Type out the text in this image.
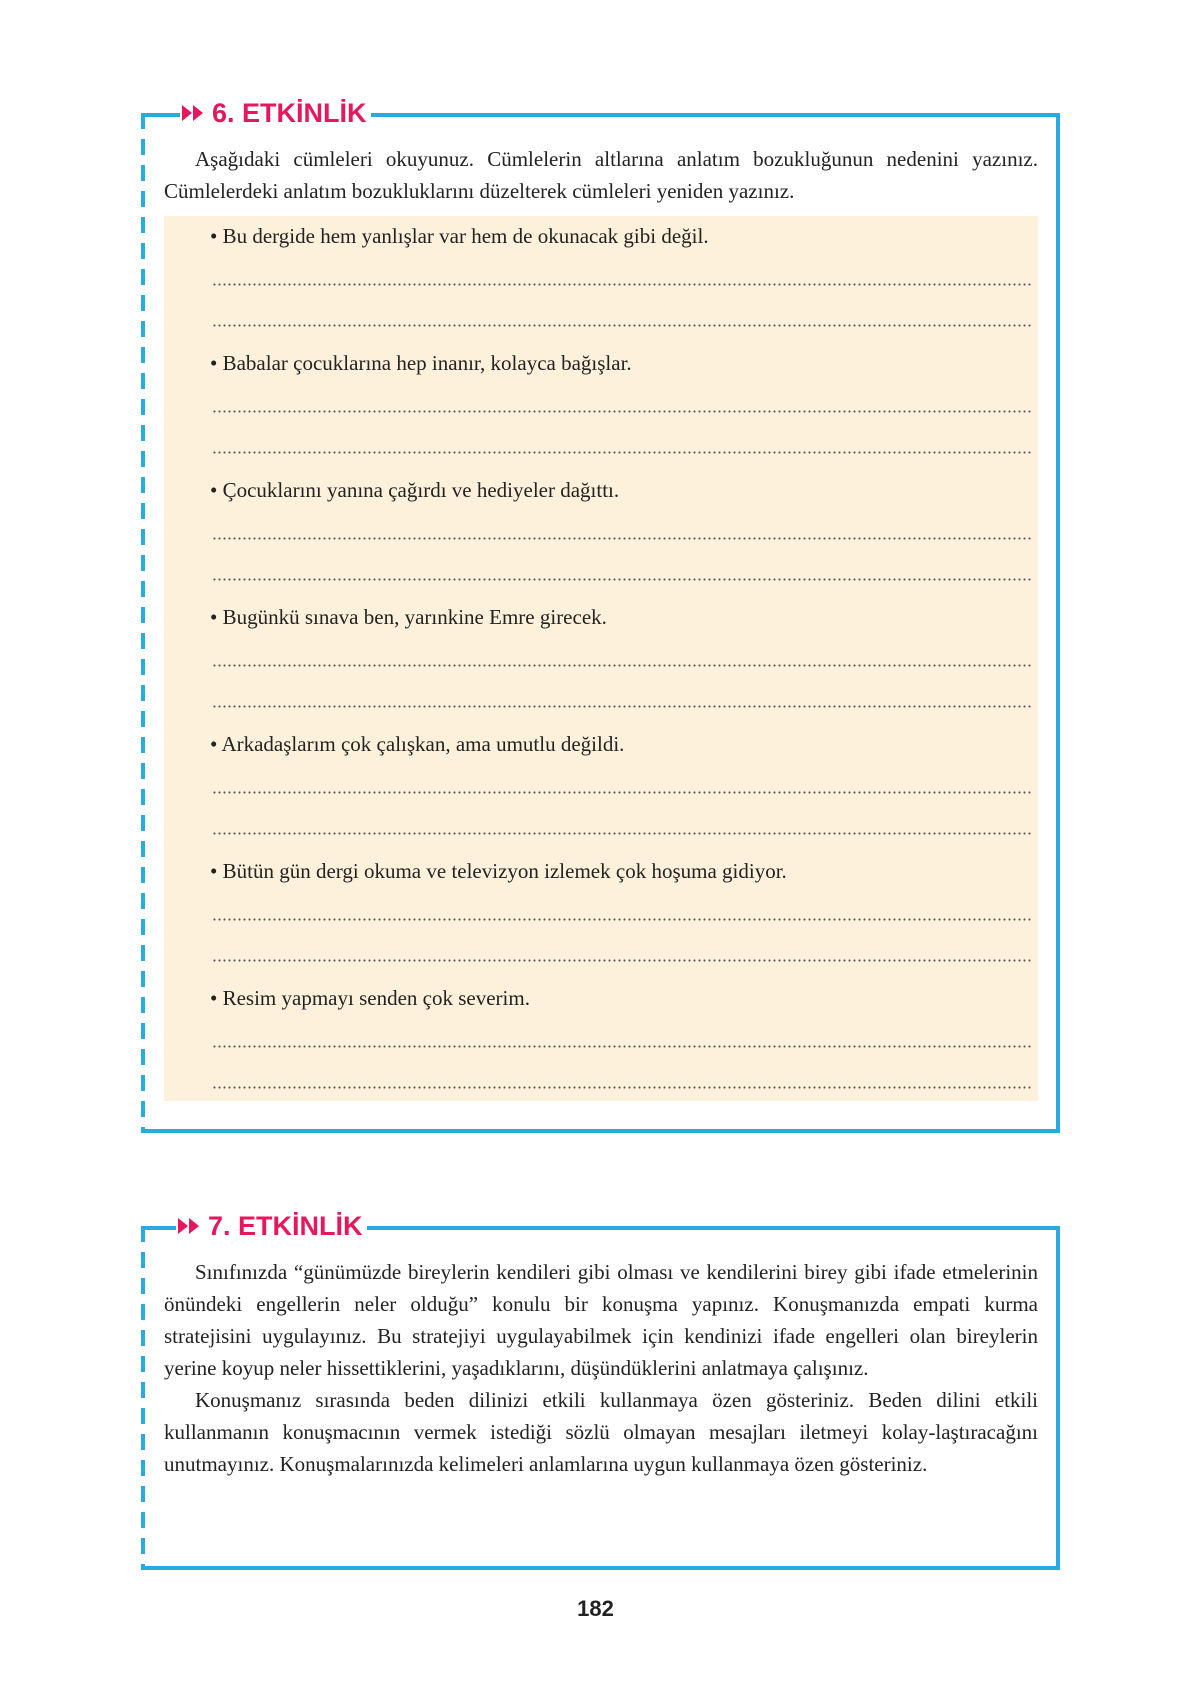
6. ETKİNLİK

Aşağıdaki cümleleri okuyunuz. Cümlelerin altlarına anlatım bozukluğunun nedenini yazınız. Cümlelerdeki anlatım bozukluklarını düzelterek cümleleri yeniden yazınız.

• Bu dergide hem yanlışlar var hem de okunacak gibi değil.
• Babalar çocuklarına hep inanır, kolayca bağışlar.
• Çocuklarını yanına çağırdı ve hediyeler dağıttı.
• Bugünkü sınava ben, yarınkine Emre girecek.
• Arkadaşlarım çok çalışkan, ama umutlu değildi.
• Bütün gün dergi okuma ve televizyon izlemek çok hoşuma gidiyor.
• Resim yapmayı senden çok severim.
7. ETKİNLİK

Sınıfınızda “günümüzde bireylerin kendileri gibi olması ve kendilerini birey gibi ifade etmelerinin önündeki engellerin neler olduğu” konulu bir konuşma yapınız. Konuşmanızda empati kurma stratejisini uygulayınız. Bu stratejiyi uygulayabilmek için kendinizi ifade engelleri olan bireylerin yerine koyup neler hissettiklerini, yaşadıklarını, düşündüklerini anlatmaya çalışınız.

Konuşmanız sırasında beden dilinizi etkili kullanmaya özen gösteriniz. Beden dilini etkili kullanmanın konuşmacının vermek istediği sözlü olmayan mesajları iletmeyi kolay-laştıracağını unutmayınız. Konuşmalarınızda kelimeleri anlamlarına uygun kullanmaya özen gösteriniz.

182
